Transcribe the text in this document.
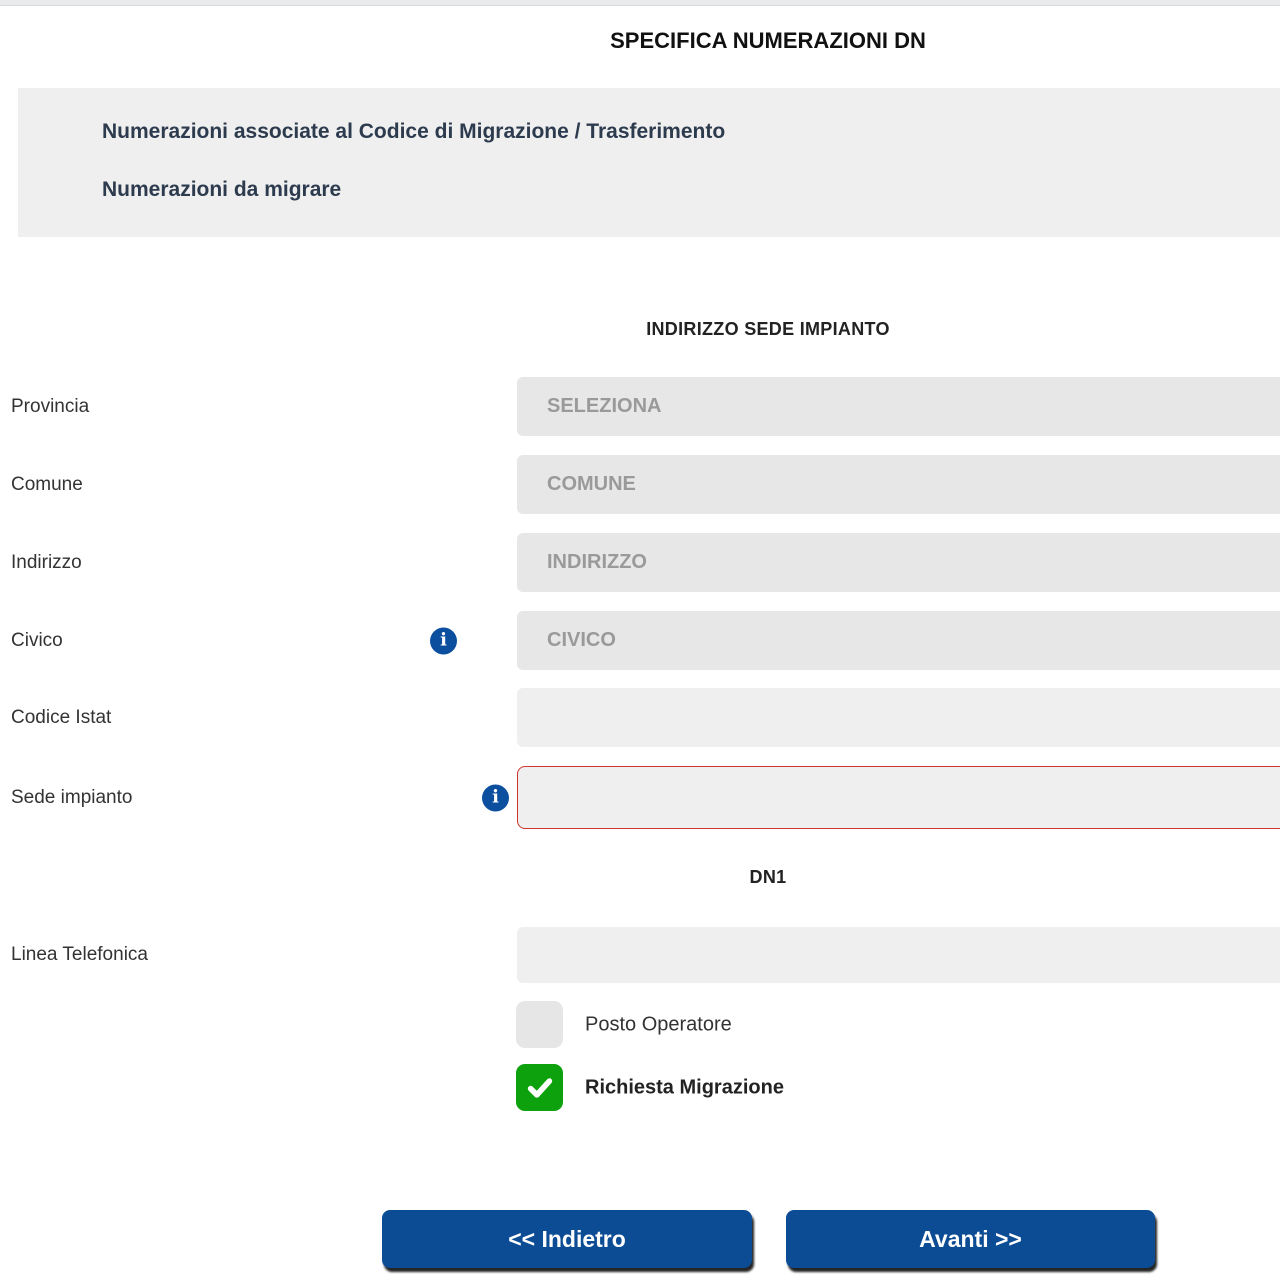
SPECIFICA NUMERAZIONI DN
Numerazioni associate al Codice di Migrazione / Trasferimento
Numerazioni da migrare
INDIRIZZO SEDE IMPIANTO
Provincia
SELEZIONA
Comune
COMUNE
Indirizzo
INDIRIZZO
Civico
i
CIVICO
Codice Istat
Sede impianto
i
DN1
Linea Telefonica
Posto Operatore
Richiesta Migrazione
<< Indietro	Avanti >>
